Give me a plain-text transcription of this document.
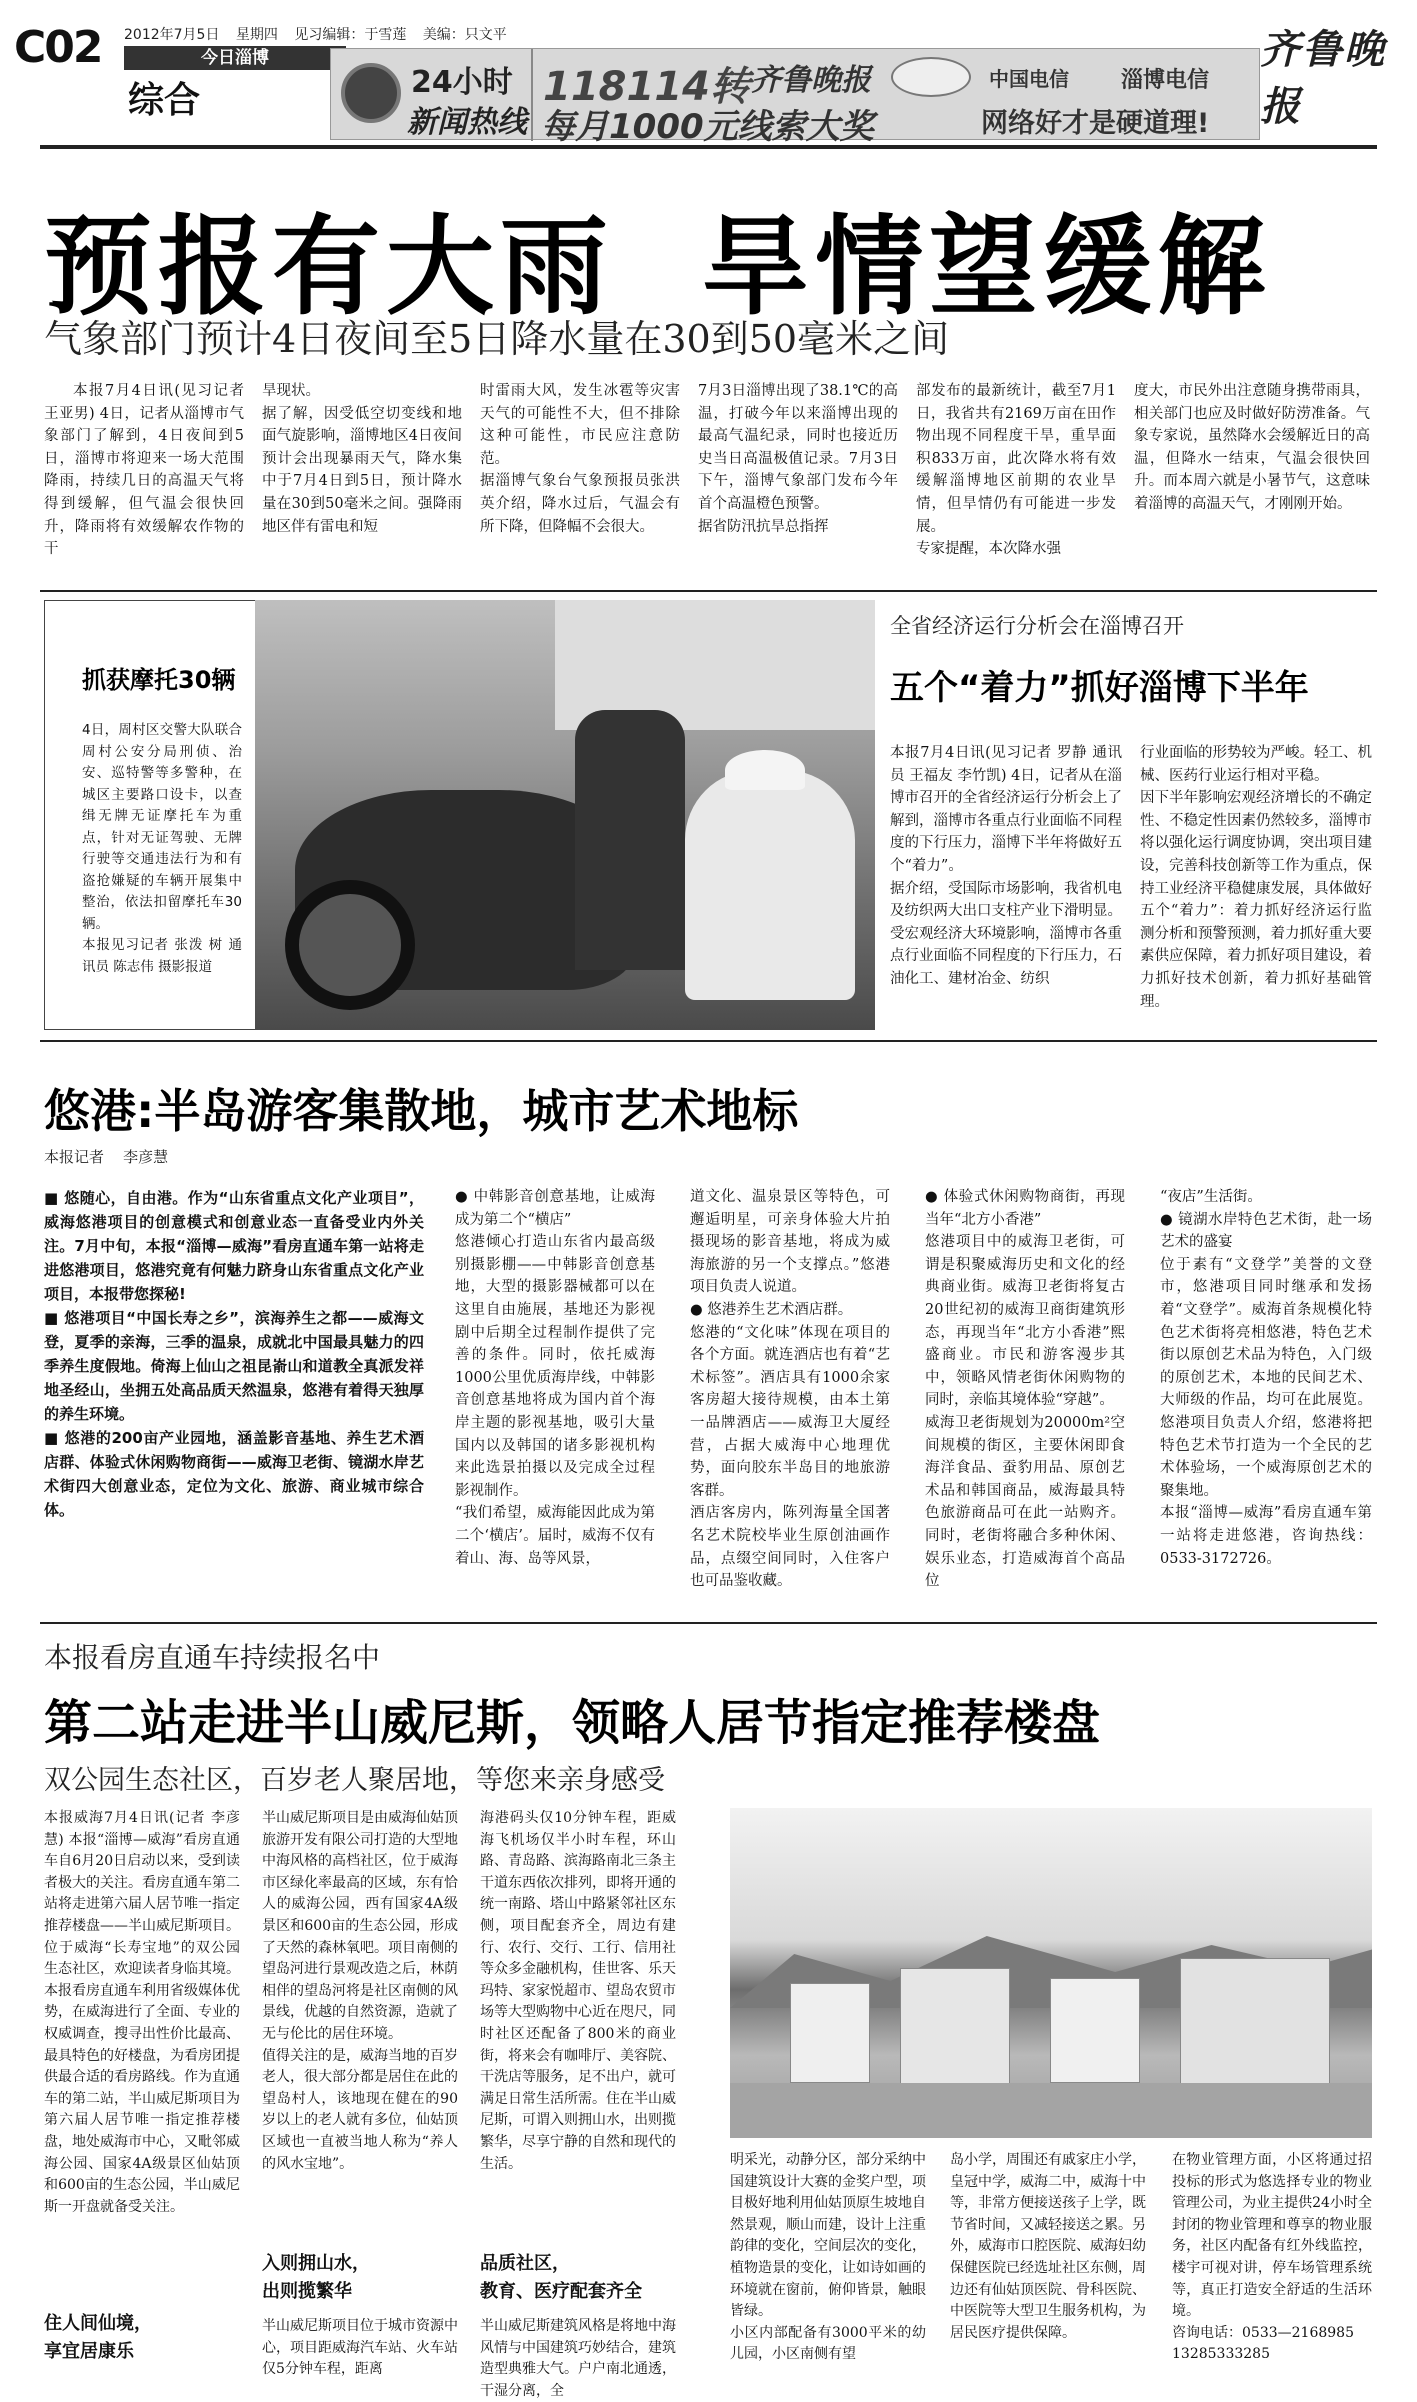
C02 2012年7月5日 星期四 见习编辑：于雪莲 美编：只文平
今日淄博
综合	24小时
新闻热线
118114转 齐鲁晚报
每月1000元线索大奖
中国电信 淄博电信
网络好才是硬道理!
齐鲁晚报
预报有大雨  旱情望缓解
气象部门预计4日夜间至5日降水量在30到50毫米之间

本报7月4日讯(见习记者 王亚男) 4日，记者从淄博市气象部门了解到，4日夜间到5日，淄博市将迎来一场大范围降雨，持续几日的高温天气将得到缓解，但气温会很快回升，降雨将有效缓解农作物的干

旱现状。
据了解，因受低空切变线和地面气旋影响，淄博地区4日夜间预计会出现暴雨天气，降水集中于7月4日到5日，预计降水量在30到50毫米之间。强降雨地区伴有雷电和短
时雷雨大风，发生冰雹等灾害天气的可能性不大，但不排除这种可能性，市民应注意防范。
据淄博气象台气象预报员张洪英介绍，降水过后，气温会有所下降，但降幅不会很大。
7月3日淄博出现了38.1℃的高温，打破今年以来淄博出现的最高气温纪录，同时也接近历史当日高温极值记录。7月3日下午，淄博气象部门发布今年首个高温橙色预警。
据省防汛抗旱总指挥
部发布的最新统计，截至7月1日，我省共有2169万亩在田作物出现不同程度干旱，重旱面积833万亩，此次降水将有效缓解淄博地区前期的农业旱情，但旱情仍有可能进一步发展。
专家提醒，本次降水强
度大，市民外出注意随身携带雨具，相关部门也应及时做好防涝准备。气象专家说，虽然降水会缓解近日的高温，但降水一结束，气温会很快回升。而本周六就是小暑节气，这意味着淄博的高温天气，才刚刚开始。
抓获摩托30辆
4日，周村区交警大队联合周村公安分局刑侦、治安、巡特警等多警种，在城区主要路口设卡，以查缉无牌无证摩托车为重点，针对无证驾驶、无牌行驶等交通违法行为和有盗抢嫌疑的车辆开展集中整治，依法扣留摩托车30辆。
本报见习记者 张泼 树 通讯员 陈志伟 摄影报道
全省经济运行分析会在淄博召开
五个“着力”抓好淄博下半年
本报7月4日讯(见习记者 罗静 通讯员 王福友 李竹凯) 4日，记者从在淄博市召开的全省经济运行分析会上了解到，淄博市各重点行业面临不同程度的下行压力，淄博下半年将做好五个“着力”。
据介绍，受国际市场影响，我省机电及纺织两大出口支柱产业下滑明显。
受宏观经济大环境影响，淄博市各重点行业面临不同程度的下行压力，石油化工、建材冶金、纺织
行业面临的形势较为严峻。轻工、机械、医药行业运行相对平稳。
因下半年影响宏观经济增长的不确定性、不稳定性因素仍然较多，淄博市将以强化运行调度协调，突出项目建设，完善科技创新等工作为重点，保持工业经济平稳健康发展，具体做好五个“着力”：着力抓好经济运行监测分析和预警预测，着力抓好重大要素供应保障，着力抓好项目建设，着力抓好技术创新，着力抓好基础管理。
悠港:半岛游客集散地，城市艺术地标
本报记者    李彦慧
■ 悠随心，自由港。作为“山东省重点文化产业项目”，威海悠港项目的创意模式和创意业态一直备受业内外关注。7月中旬，本报“淄博—威海”看房直通车第一站将走进悠港项目，悠港究竟有何魅力跻身山东省重点文化产业项目，本报带您探秘!
■ 悠港项目“中国长寿之乡”，滨海养生之都——威海文登，夏季的亲海，三季的温泉，成就北中国最具魅力的四季养生度假地。倚海上仙山之祖昆嵛山和道教全真派发祥地圣经山，坐拥五处高品质天然温泉，悠港有着得天独厚的养生环境。
■ 悠港的200亩产业园地，涵盖影音基地、养生艺术酒店群、体验式休闲购物商街——威海卫老街、镜湖水岸艺术街四大创意业态，定位为文化、旅游、商业城市综合体。
● 中韩影音创意基地，让威海成为第二个“横店”
悠港倾心打造山东省内最高级别摄影棚——中韩影音创意基地，大型的摄影器械都可以在这里自由施展，基地还为影视剧中后期全过程制作提供了完善的条件。同时，依托威海1000公里优质海岸线，中韩影音创意基地将成为国内首个海岸主题的影视基地，吸引大量国内以及韩国的诸多影视机构来此选景拍摄以及完成全过程影视制作。
“我们希望，威海能因此成为第二个‘横店’。届时，威海不仅有着山、海、岛等风景，
道文化、温泉景区等特色，可邂逅明星，可亲身体验大片拍摄现场的影音基地，将成为威海旅游的另一个支撑点。”悠港项目负责人说道。
● 悠港养生艺术酒店群。
悠港的“文化味”体现在项目的各个方面。就连酒店也有着“艺术标签”。酒店具有1000余家客房超大接待规模，由本土第一品牌酒店——威海卫大厦经营，占据大威海中心地理优势，面向胶东半岛目的地旅游客群。
酒店客房内，陈列海量全国著名艺术院校毕业生原创油画作品，点缀空间同时，入住客户也可品鉴收藏。
● 体验式休闲购物商街，再现当年“北方小香港”
悠港项目中的威海卫老街，可谓是积聚威海历史和文化的经典商业街。威海卫老街将复古20世纪初的威海卫商街建筑形态，再现当年“北方小香港”熙盛商业。市民和游客漫步其中，领略风情老街休闲购物的同时，亲临其境体验“穿越”。
威海卫老街规划为20000m²空间规模的街区，主要休闲即食海洋食品、蚕豹用品、原创艺术品和韩国商品，威海最具特色旅游商品可在此一站购齐。同时，老街将融合多种休闲、娱乐业态，打造威海首个高品位
“夜店”生活街。
● 镜湖水岸特色艺术街，赴一场艺术的盛宴
位于素有“文登学”美誉的文登市，悠港项目同时继承和发扬着“文登学”。威海首条规模化特色艺术街将亮相悠港，特色艺术街以原创艺术品为特色，入门级的原创艺术，本地的民间艺术、大师级的作品，均可在此展览。悠港项目负责人介绍，悠港将把特色艺术节打造为一个全民的艺术体验场，一个威海原创艺术的聚集地。
本报“淄博—威海”看房直通车第一站将走进悠港，咨询热线：0533-3172726。
本报看房直通车持续报名中
第二站走进半山威尼斯，领略人居节指定推荐楼盘
双公园生态社区，百岁老人聚居地，等您来亲身感受
本报威海7月4日讯(记者 李彦慧) 本报“淄博—威海”看房直通车自6月20日启动以来，受到读者极大的关注。看房直通车第二站将走进第六届人居节唯一指定推荐楼盘——半山威尼斯项目。位于威海“长寿宝地”的双公园生态社区，欢迎读者身临其境。
本报看房直通车利用省级媒体优势，在威海进行了全面、专业的权威调查，搜寻出性价比最高、最具特色的好楼盘，为看房团提供最合适的看房路线。作为直通车的第二站，半山威尼斯项目为第六届人居节唯一指定推荐楼盘，地处威海市中心，又毗邻威海公园、国家4A级景区仙姑顶和600亩的生态公园，半山威尼斯一开盘就备受关注。
住人间仙境，
享宜居康乐
半山威尼斯项目是由威海仙姑顶旅游开发有限公司打造的大型地中海风格的高档社区，位于威海市区绿化率最高的区域，东有恰人的威海公园，西有国家4A级景区和600亩的生态公园，形成了天然的森林氧吧。项目南侧的望岛河进行景观改造之后，林荫相伴的望岛河将是社区南侧的风景线，优越的自然资源，造就了无与伦比的居住环境。
值得关注的是，威海当地的百岁老人，很大部分都是居住在此的望岛村人，该地现在健在的90岁以上的老人就有多位，仙姑顶区域也一直被当地人称为“养人的风水宝地”。
入则拥山水，
出则揽繁华
半山威尼斯项目位于城市资源中心，项目距威海汽车站、火车站仅5分钟车程，距离
海港码头仅10分钟车程，距威海飞机场仅半小时车程，环山路、青岛路、滨海路南北三条主干道东西依次排列，即将开通的统一南路、塔山中路紧邻社区东侧，项目配套齐全，周边有建行、农行、交行、工行、信用社等众多金融机构，佳世客、乐天玛特、家家悦超市、望岛农贸市场等大型购物中心近在咫尺，同时社区还配备了800米的商业街，将来会有咖啡厅、美容院、干洗店等服务，足不出户，就可满足日常生活所需。住在半山威尼斯，可谓入则拥山水，出则揽繁华，尽享宁静的自然和现代的生活。
品质社区，
教育、医疗配套齐全
半山威尼斯建筑风格是将地中海风情与中国建筑巧妙结合，建筑造型典雅大气。户户南北通透，干湿分离，全
明采光，动静分区，部分采纳中国建筑设计大赛的金奖户型，项目极好地利用仙姑顶原生坡地自然景观，顺山而建，设计上注重韵律的变化，空间层次的变化，植物造景的变化，让如诗如画的环境就在窗前，俯仰皆景，触眼皆绿。
小区内部配备有3000平米的幼儿园，小区南侧有望
岛小学，周围还有戚家庄小学，皇冠中学，威海二中，威海十中等，非常方便接送孩子上学，既节省时间，又减轻接送之累。另外，威海市口腔医院、威海妇幼保健医院已经选址社区东侧，周边还有仙姑顶医院、骨科医院、中医院等大型卫生服务机构，为居民医疗提供保障。
在物业管理方面，小区将通过招投标的形式为悠选择专业的物业管理公司，为业主提供24小时全封闭的物业管理和尊享的物业服务，社区内配备有红外线监控，楼宇可视对讲，停车场管理系统等，真正打造安全舒适的生活环境。
咨询电话：0533—2168985
13285333285
